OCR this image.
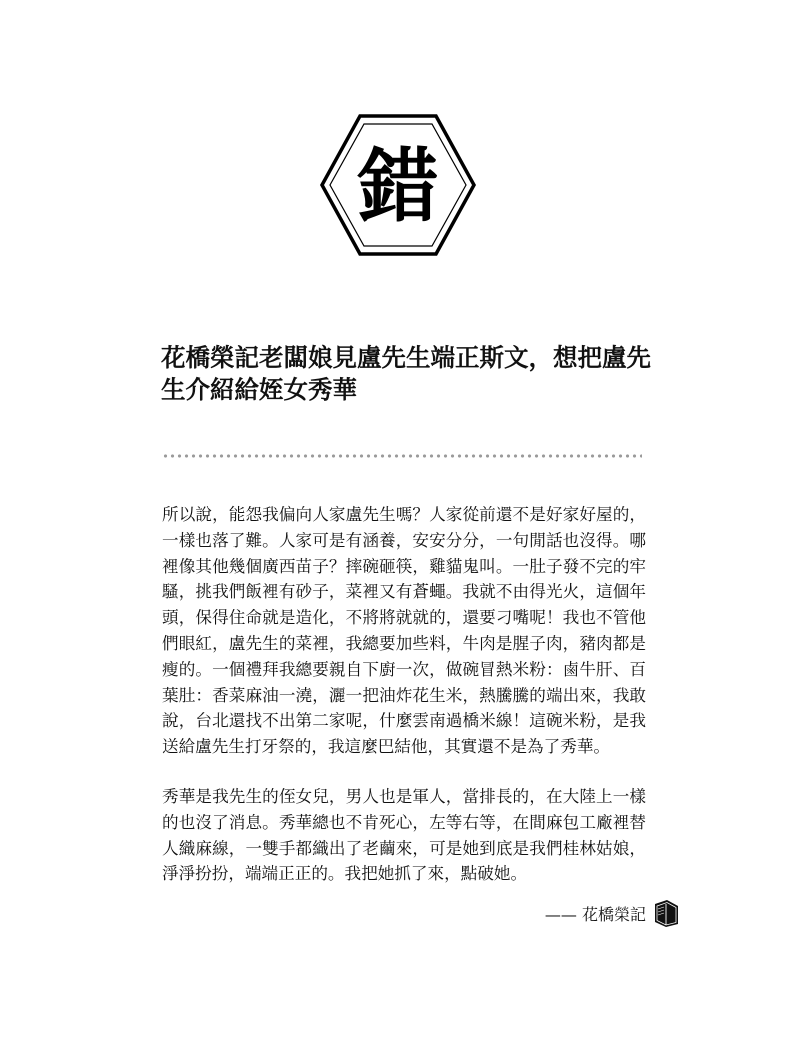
錯
花橋榮記老闆娘見盧先生端正斯文，想把盧先生介紹給姪女秀華

所以說，能怨我偏向人家盧先生嗎？人家從前還不是好家好屋的，一樣也落了難。人家可是有涵養，安安分分，一句閒話也沒得。哪裡像其他幾個廣西苗子？摔碗砸筷，雞貓鬼叫。一肚子發不完的牢騷，挑我們飯裡有砂子，菜裡又有蒼蠅。我就不由得光火，這個年頭，保得住命就是造化，不將將就就的，還要刁嘴呢！我也不管他們眼紅，盧先生的菜裡，我總要加些料，牛肉是腥子肉，豬肉都是瘦的。一個禮拜我總要親自下廚一次，做碗冒熱米粉：鹵牛肝、百葉肚：香菜麻油一澆，灑一把油炸花生米，熱騰騰的端出來，我敢說，台北還找不出第二家呢，什麼雲南過橋米線！這碗米粉，是我送給盧先生打牙祭的，我這麼巴結他，其實還不是為了秀華。

秀華是我先生的侄女兒，男人也是軍人，當排長的，在大陸上一樣的也沒了消息。秀華總也不肯死心，左等右等，在間麻包工廠裡替人織麻線，一雙手都織出了老繭來，可是她到底是我們桂林姑娘，淨淨扮扮，端端正正的。我把她抓了來，點破她。

—— 花橋榮記
